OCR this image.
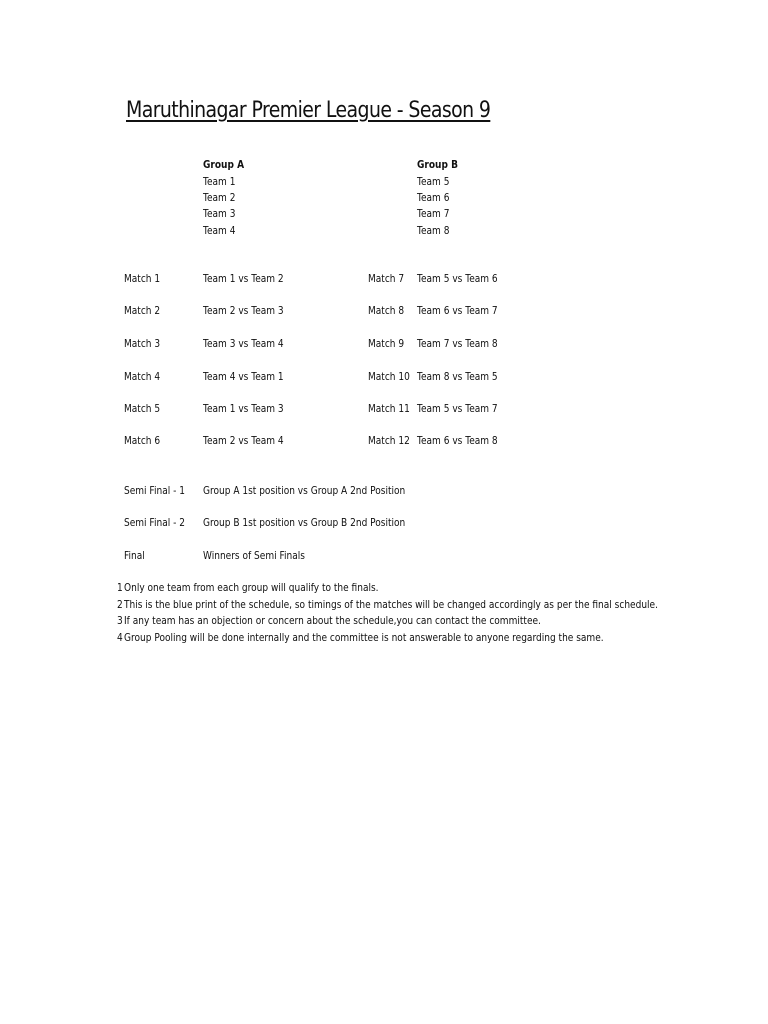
Maruthinagar Premier League - Season 9
Group A
Team 1
Team 2
Team 3
Team 4
Group B
Team 5
Team 6
Team 7
Team 8
Match 1	Team 1 vs Team 2
Match 2	Team 2 vs Team 3
Match 3	Team 3 vs Team 4
Match 4	Team 4 vs Team 1
Match 5	Team 1 vs Team 3
Match 6	Team 2 vs Team 4
Match 7 Team 5 vs Team 6
Match 8 Team 6 vs Team 7
Match 9 Team 7 vs Team 8
Match 10 Team 8 vs Team 5
Match 11 Team 5 vs Team 7
Match 12 Team 6 vs Team 8
Semi Final - 1 Group A 1st position vs Group A 2nd Position
Semi Final - 2 Group B 1st position vs Group B 2nd Position
Final	Winners of Semi Finals
1 Only one team from each group will qualify to the finals.
2 This is the blue print of the schedule, so timings of the matches will be changed accordingly as per the final schedule.
3 If any team has an objection or concern about the schedule,you can contact the committee.
4 Group Pooling will be done internally and the committee is not answerable to anyone regarding the same.
